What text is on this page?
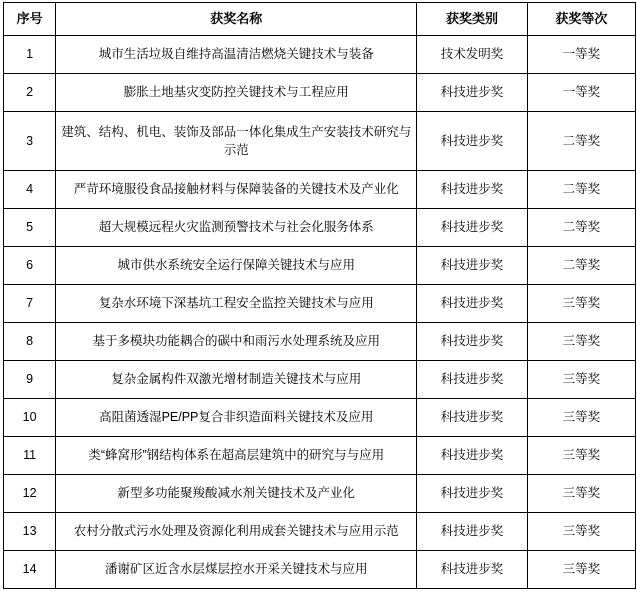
序号	获奖名称	获奖类别	获奖等次
1	城市生活垃圾自维持高温清洁燃烧关键技术与装备	技术发明奖	一等奖
2	膨胀土地基灾变防控关键技术与工程应用	科技进步奖	一等奖
3	建筑、结构、机电、装饰及部品一体化集成生产安装技术研究与示范	科技进步奖	二等奖
4	严苛环境服役食品接触材料与保障装备的关键技术及产业化	科技进步奖	二等奖
5	超大规模远程火灾监测预警技术与社会化服务体系	科技进步奖	二等奖
6	城市供水系统安全运行保障关键技术与应用	科技进步奖	二等奖
7	复杂水环境下深基坑工程安全监控关键技术与应用	科技进步奖	三等奖
8	基于多模块功能耦合的碳中和雨污水处理系统及应用	科技进步奖	三等奖
9	复杂金属构件双激光增材制造关键技术与应用	科技进步奖	三等奖
10	高阻菌透湿PE/PP复合非织造面料关键技术及应用	科技进步奖	三等奖
11	类“蜂窝形”钢结构体系在超高层建筑中的研究与与应用	科技进步奖	三等奖
12	新型多功能聚羧酸减水剂关键技术及产业化	科技进步奖	三等奖
13	农村分散式污水处理及资源化利用成套关键技术与应用示范	科技进步奖	三等奖
14	潘谢矿区近含水层煤层控水开采关键技术与应用	科技进步奖	三等奖
